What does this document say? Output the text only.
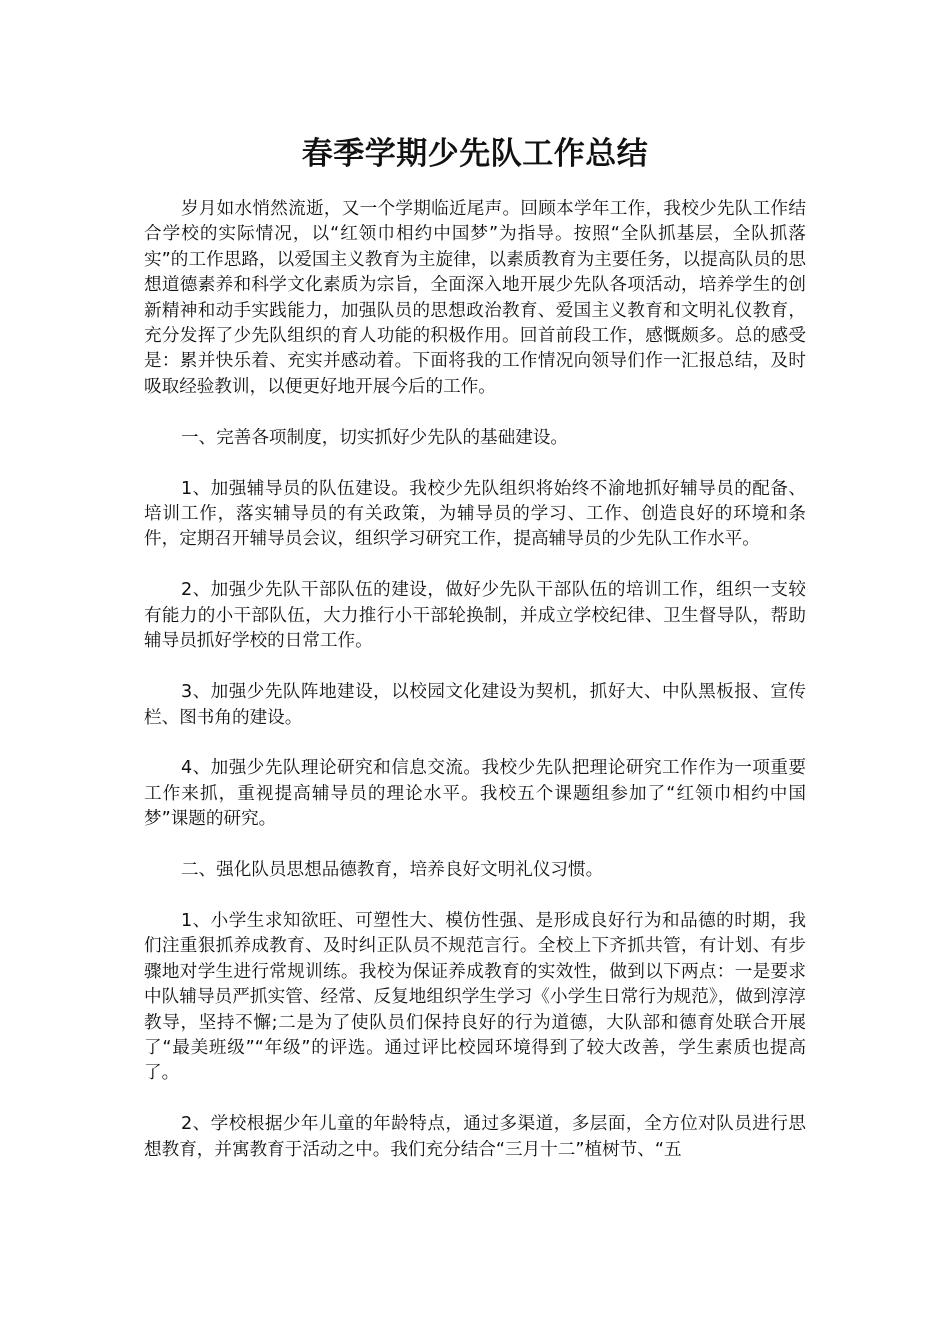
春季学期少先队工作总结

岁月如水悄然流逝，又一个学期临近尾声。回顾本学年工作，我校少先队工作结合学校的实际情况，以“红领巾相约中国梦”为指导。按照“全队抓基层，全队抓落实”的工作思路，以爱国主义教育为主旋律，以素质教育为主要任务，以提高队员的思想道德素养和科学文化素质为宗旨，全面深入地开展少先队各项活动，培养学生的创新精神和动手实践能力，加强队员的思想政治教育、爱国主义教育和文明礼仪教育，充分发挥了少先队组织的育人功能的积极作用。回首前段工作，感慨颇多。总的感受是：累并快乐着、充实并感动着。下面将我的工作情况向领导们作一汇报总结，及时吸取经验教训，以便更好地开展今后的工作。

一、完善各项制度，切实抓好少先队的基础建设。

1、加强辅导员的队伍建设。我校少先队组织将始终不渝地抓好辅导员的配备、培训工作，落实辅导员的有关政策，为辅导员的学习、工作、创造良好的环境和条件，定期召开辅导员会议，组织学习研究工作，提高辅导员的少先队工作水平。

2、加强少先队干部队伍的建设，做好少先队干部队伍的培训工作，组织一支较有能力的小干部队伍，大力推行小干部轮换制，并成立学校纪律、卫生督导队，帮助辅导员抓好学校的日常工作。

3、加强少先队阵地建设，以校园文化建设为契机，抓好大、中队黑板报、宣传栏、图书角的建设。

4、加强少先队理论研究和信息交流。我校少先队把理论研究工作作为一项重要工作来抓，重视提高辅导员的理论水平。我校五个课题组参加了“红领巾相约中国梦”课题的研究。

二、强化队员思想品德教育，培养良好文明礼仪习惯。

1、小学生求知欲旺、可塑性大、模仿性强、是形成良好行为和品德的时期，我们注重狠抓养成教育、及时纠正队员不规范言行。全校上下齐抓共管，有计划、有步骤地对学生进行常规训练。我校为保证养成教育的实效性，做到以下两点：一是要求中队辅导员严抓实管、经常、反复地组织学生学习《小学生日常行为规范》，做到淳淳教导，坚持不懈;二是为了使队员们保持良好的行为道德，大队部和德育处联合开展了“最美班级”“年级”的评选。通过评比校园环境得到了较大改善，学生素质也提高了。

2、学校根据少年儿童的年龄特点，通过多渠道，多层面，全方位对队员进行思想教育，并寓教育于活动之中。我们充分结合“三月十二”植树节、“五
